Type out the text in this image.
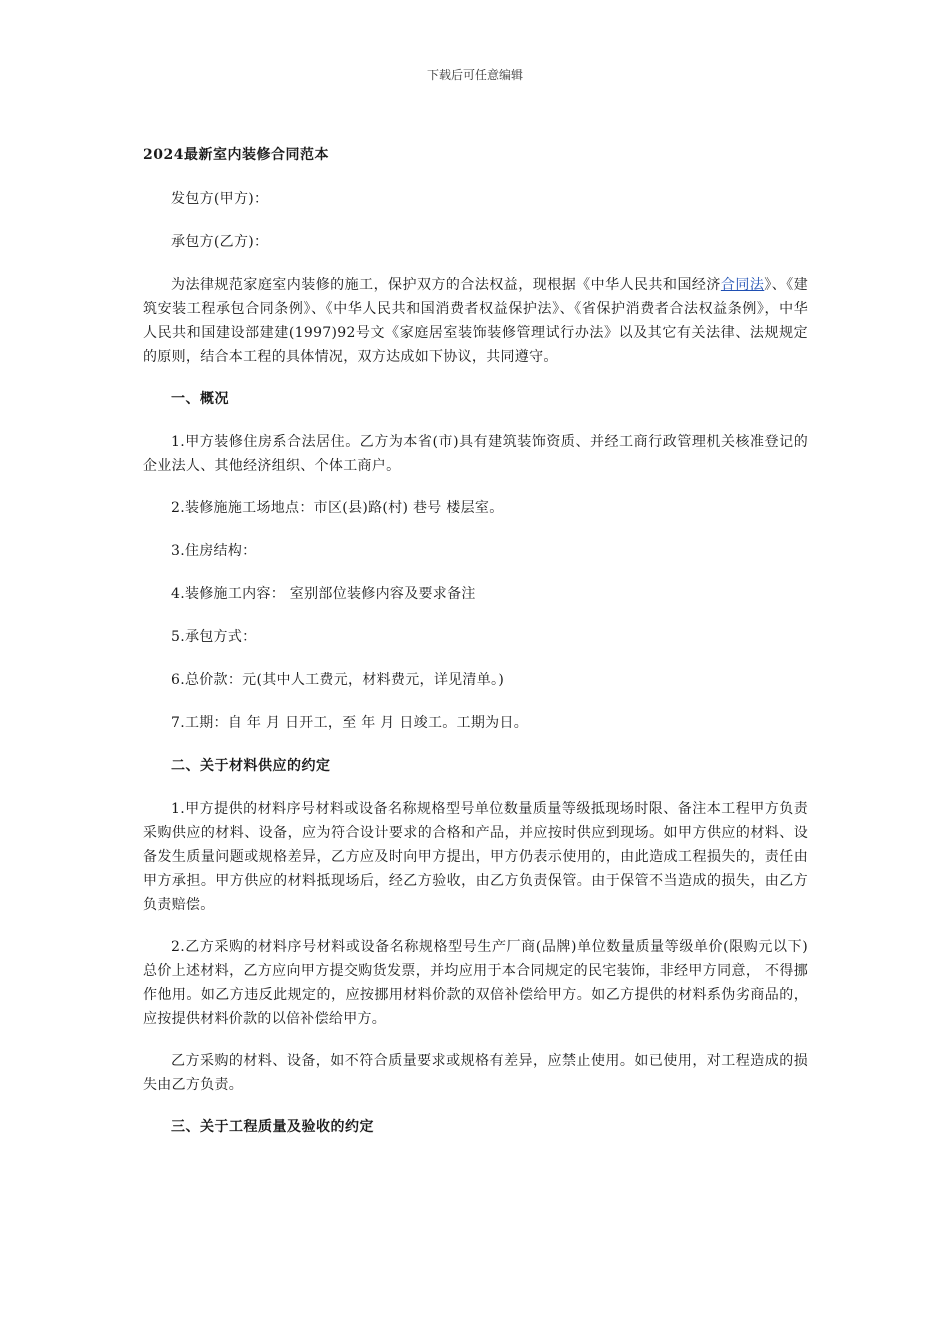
下载后可任意编辑
2024最新室内装修合同范本

发包方(甲方)：

承包方(乙方)：

为法律规范家庭室内装修的施工，保护双方的合法权益，现根据《中华人民共和国经济合同法》、《建筑安装工程承包合同条例》、《中华人民共和国消费者权益保护法》、《省保护消费者合法权益条例》，中华人民共和国建设部建建(1997)92号文《家庭居室装饰装修管理试行办法》以及其它有关法律、法规规定的原则，结合本工程的具体情况，双方达成如下协议，共同遵守。

一、概况

1.甲方装修住房系合法居住。乙方为本省(市)具有建筑装饰资质、并经工商行政管理机关核准登记的企业法人、其他经济组织、个体工商户。

2.装修施施工场地点：市区(县)路(村) 巷号 楼层室。

3.住房结构：

4.装修施工内容： 室别部位装修内容及要求备注

5.承包方式：

6.总价款：元(其中人工费元，材料费元，详见清单。)

7.工期：自 年 月 日开工，至 年 月 日竣工。工期为日。

二、关于材料供应的约定

1.甲方提供的材料序号材料或设备名称规格型号单位数量质量等级抵现场时限、备注本工程甲方负责采购供应的材料、设备，应为符合设计要求的合格和产品，并应按时供应到现场。如甲方供应的材料、设备发生质量问题或规格差异，乙方应及时向甲方提出，甲方仍表示使用的，由此造成工程损失的，责任由甲方承担。甲方供应的材料抵现场后，经乙方验收，由乙方负责保管。由于保管不当造成的损失，由乙方负责赔偿。

2.乙方采购的材料序号材料或设备名称规格型号生产厂商(品牌)单位数量质量等级单价(限购元以下)总价上述材料，乙方应向甲方提交购货发票，并均应用于本合同规定的民宅装饰，非经甲方同意， 不得挪作他用。如乙方违反此规定的，应按挪用材料价款的双倍补偿给甲方。如乙方提供的材料系伪劣商品的，应按提供材料价款的以倍补偿给甲方。

乙方采购的材料、设备，如不符合质量要求或规格有差异，应禁止使用。如已使用，对工程造成的损失由乙方负责。

三、关于工程质量及验收的约定
